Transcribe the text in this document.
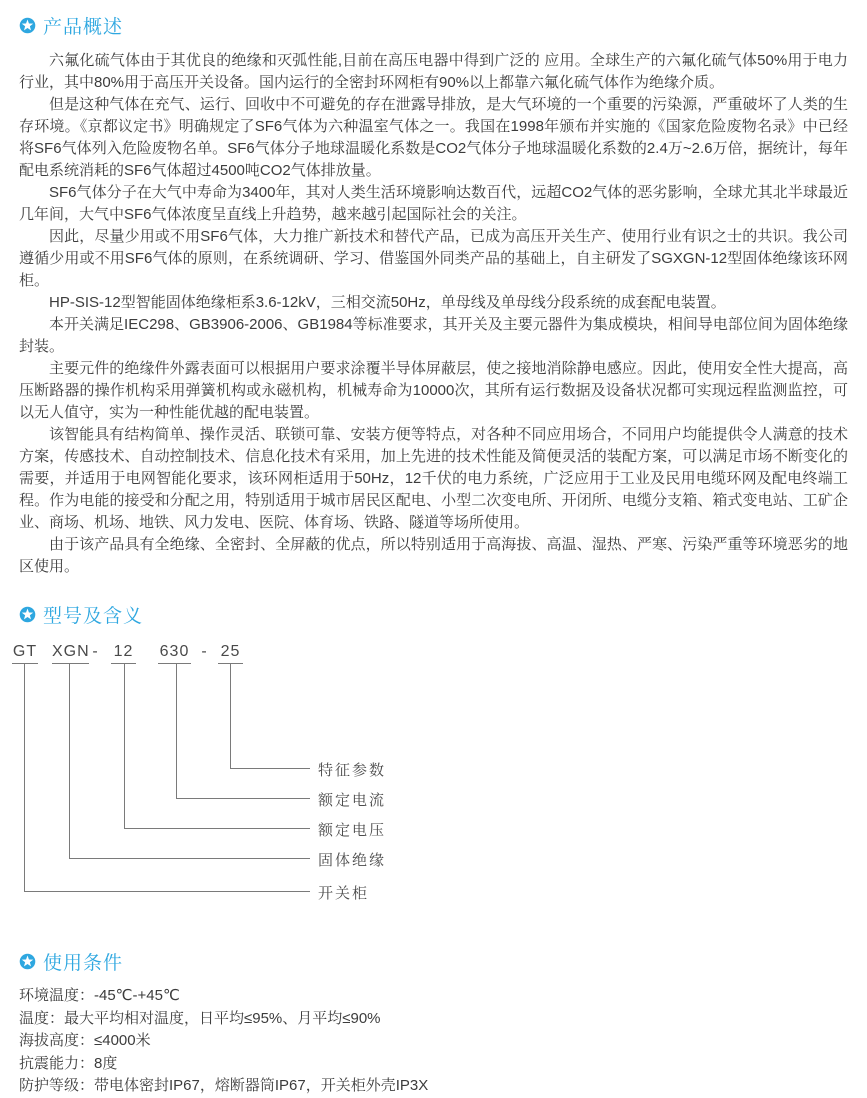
产品概述

六氟化硫气体由于其优良的绝缘和灭弧性能,目前在高压电器中得到广泛的 应用。全球生产的六氟化硫气体50%用于电力行业，其中80%用于高压开关设备。国内运行的全密封环网柜有90%以上都靠六氟化硫气体作为绝缘介质。

但是这种气体在充气、运行、回收中不可避免的存在泄露导排放，是大气环境的一个重要的污染源，严重破坏了人类的生存环境。《京都议定书》明确规定了SF6气体为六种温室气体之一。我国在1998年颁布并实施的《国家危险废物名录》中已经将SF6气体列入危险废物名单。SF6气体分子地球温暖化系数是CO2气体分子地球温暖化系数的2.4万~2.6万倍，据统计，每年配电系统消耗的SF6气体超过4500吨CO2气体排放量。

SF6气体分子在大气中寿命为3400年，其对人类生活环境影响达数百代，远超CO2气体的恶劣影响，全球尤其北半球最近几年间，大气中SF6气体浓度呈直线上升趋势，越来越引起国际社会的关注。

因此，尽量少用或不用SF6气体，大力推广新技术和替代产品，已成为高压开关生产、使用行业有识之士的共识。我公司遵循少用或不用SF6气体的原则，在系统调研、学习、借鉴国外同类产品的基础上，自主研发了SGXGN-12型固体绝缘该环网柜。

HP-SIS-12型智能固体绝缘柜系3.6-12kV，三相交流50Hz，单母线及单母线分段系统的成套配电装置。

本开关满足IEC298、GB3906-2006、GB1984等标准要求，其开关及主要元器件为集成模块，相间导电部位间为固体绝缘封装。

主要元件的绝缘件外露表面可以根据用户要求涂覆半导体屏蔽层，使之接地消除静电感应。因此，使用安全性大提高，高压断路器的操作机构采用弹簧机构或永磁机构，机械寿命为10000次，其所有运行数据及设备状况都可实现远程监测监控，可以无人值守，实为一种性能优越的配电装置。

该智能具有结构简单、操作灵活、联锁可靠、安装方便等特点，对各种不同应用场合，不同用户均能提供令人满意的技术方案，传感技术、自动控制技术、信息化技术有采用，加上先进的技术性能及简便灵活的装配方案，可以满足市场不断变化的需要，并适用于电网智能化要求，该环网柜适用于50Hz，12千伏的电力系统，广泛应用于工业及民用电缆环网及配电终端工程。作为电能的接受和分配之用，特别适用于城市居民区配电、小型二次变电所、开闭所、电缆分支箱、箱式变电站、工矿企业、商场、机场、地铁、风力发电、医院、体育场、铁路、隧道等场所使用。

由于该产品具有全绝缘、全密封、全屏蔽的优点，所以特别适用于高海拔、高温、湿热、严寒、污染严重等环境恶劣的地区使用。

型号及含义
GT XGN - 12 630 - 25
特征参数
额定电流
额定电压
固体绝缘
开关柜
使用条件
环境温度：-45℃-+45℃
温度：最大平均相对温度，日平均≤95%、月平均≤90%
海拔高度：≤4000米
抗震能力：8度
防护等级：带电体密封IP67，熔断器筒IP67，开关柜外壳IP3X
